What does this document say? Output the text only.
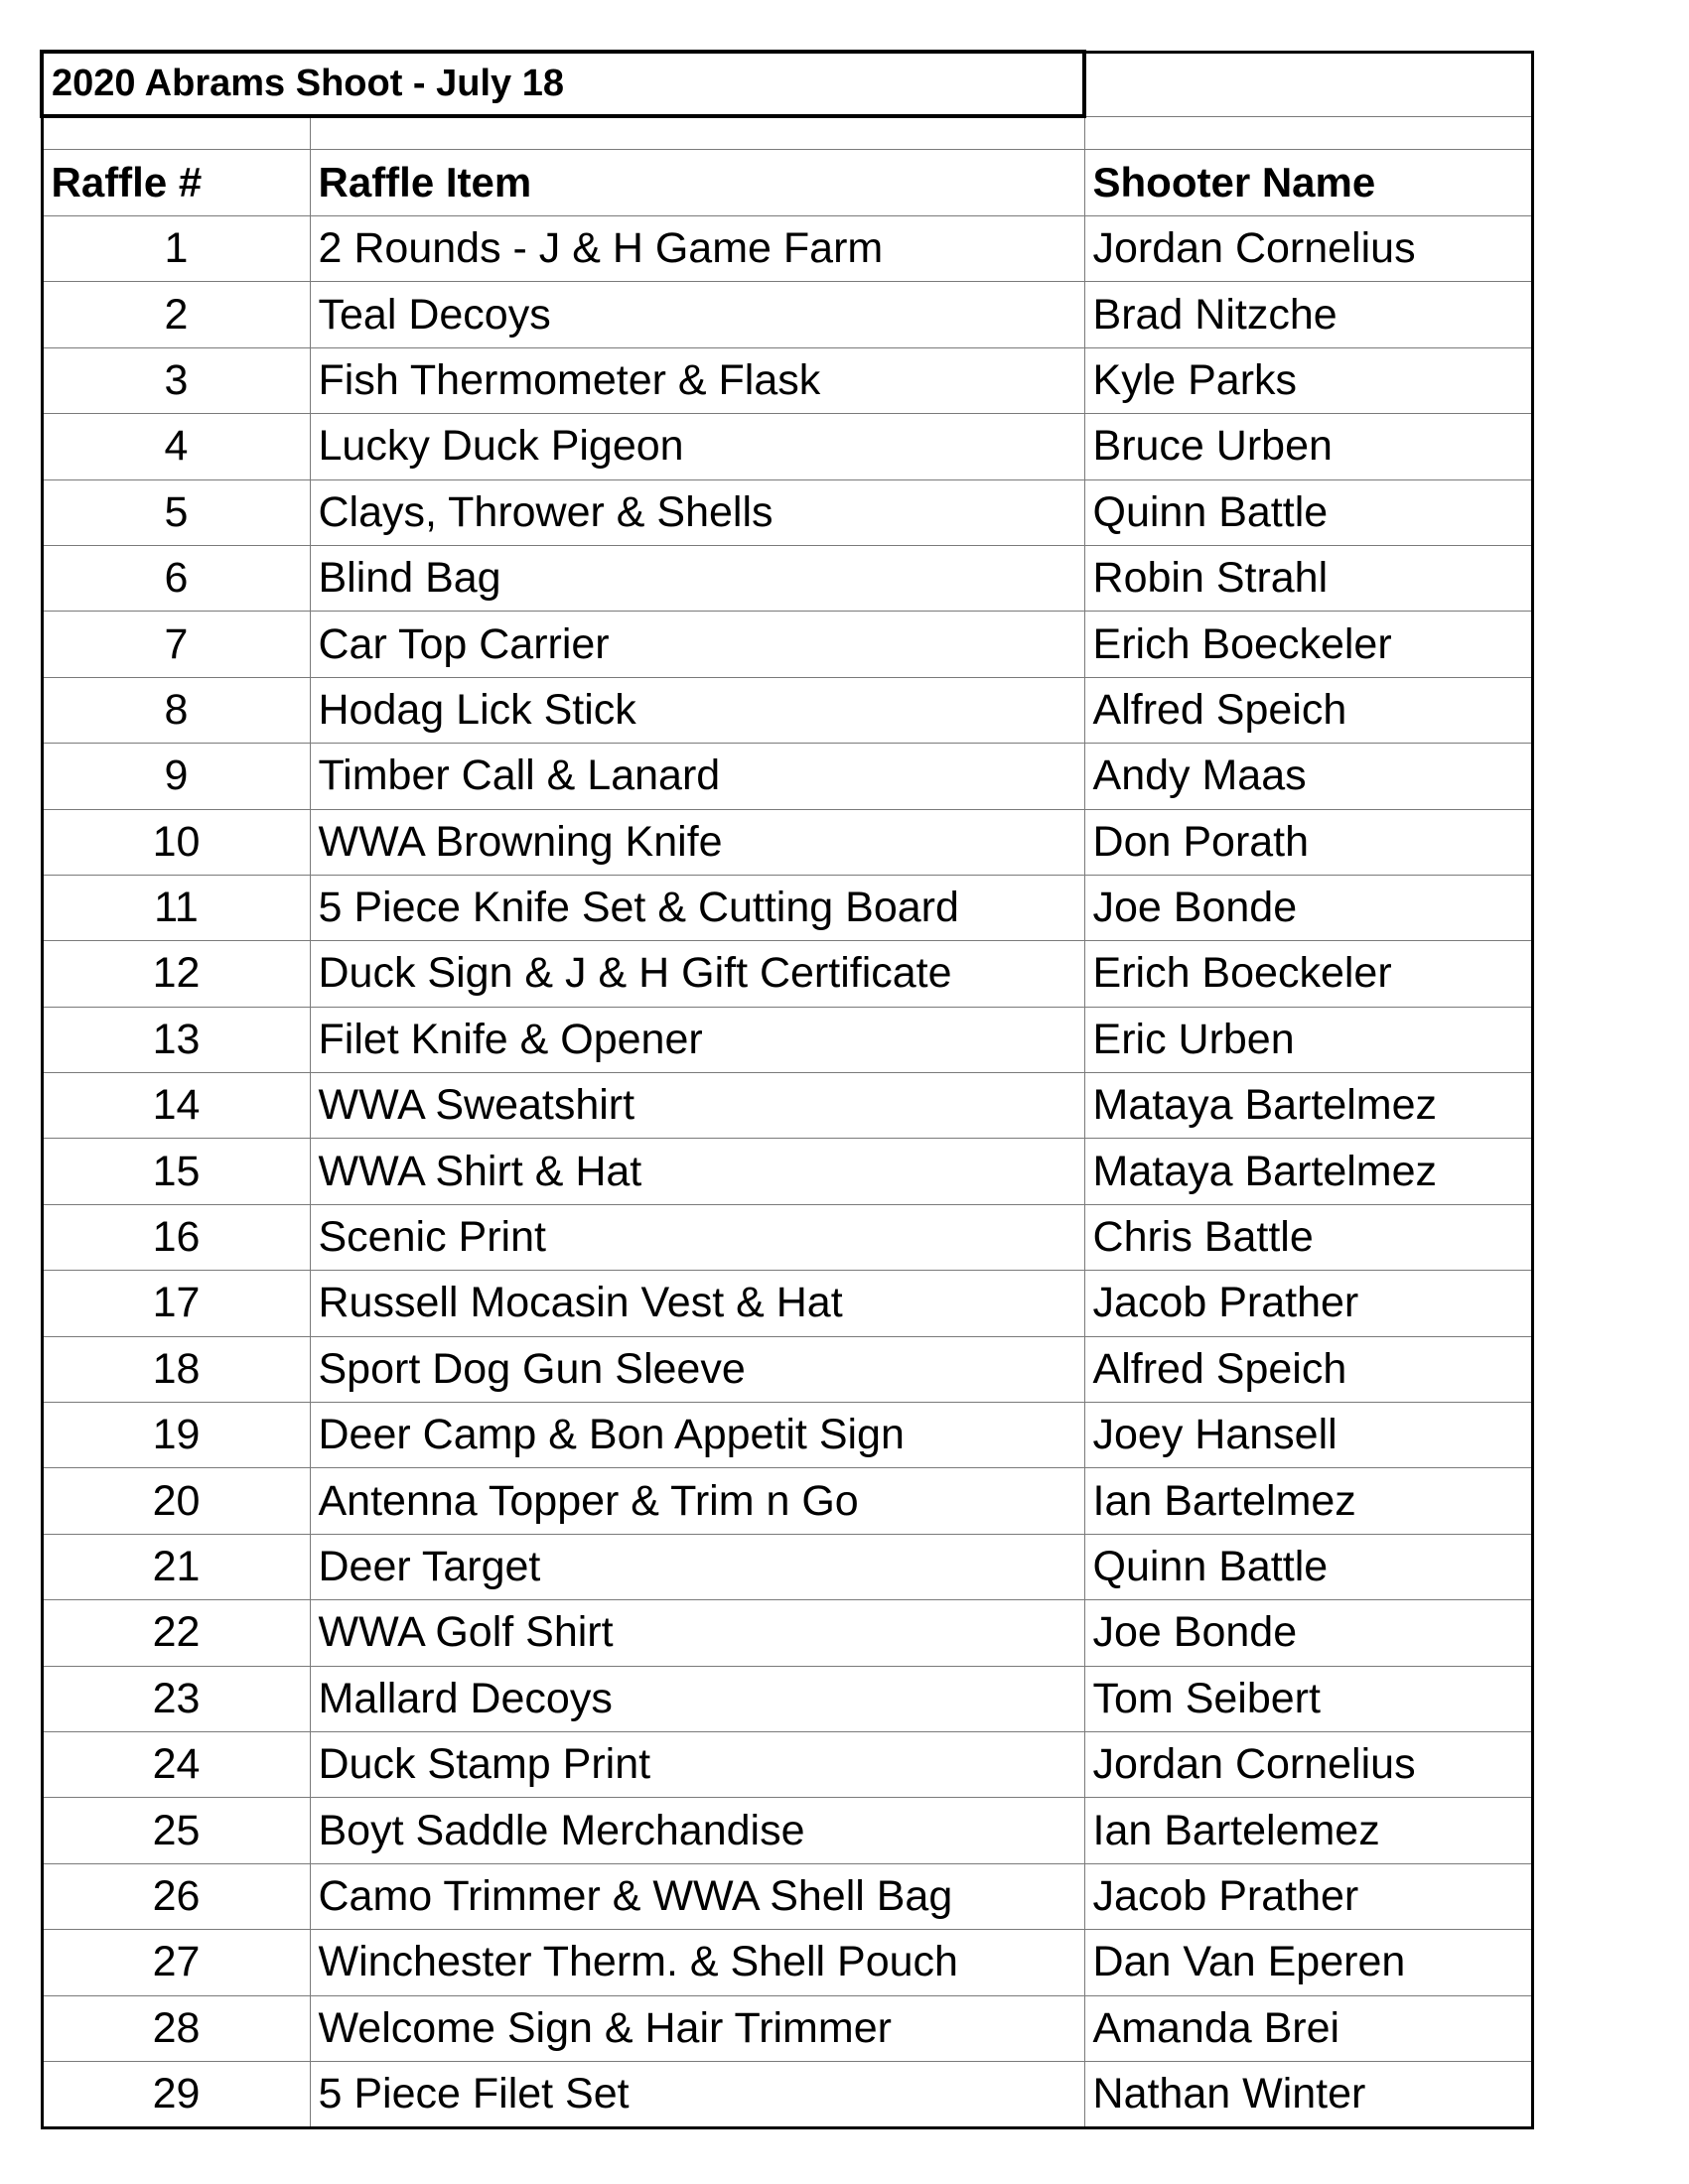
2020 Abrams Shoot - July 18		

Raffle #	Raffle Item	Shooter Name
1	2 Rounds - J & H Game Farm	Jordan Cornelius
2	Teal Decoys	Brad Nitzche
3	Fish Thermometer & Flask	Kyle Parks
4	Lucky Duck Pigeon	Bruce Urben
5	Clays, Thrower & Shells	Quinn Battle
6	Blind Bag	Robin Strahl
7	Car Top Carrier	Erich Boeckeler
8	Hodag Lick Stick	Alfred Speich
9	Timber Call & Lanard	Andy Maas
10	WWA Browning Knife	Don Porath
11	5 Piece Knife Set & Cutting Board	Joe Bonde
12	Duck Sign & J & H Gift Certificate	Erich Boeckeler
13	Filet Knife & Opener	Eric Urben
14	WWA Sweatshirt	Mataya Bartelmez
15	WWA Shirt & Hat	Mataya Bartelmez
16	Scenic Print	Chris Battle
17	Russell Mocasin Vest & Hat	Jacob Prather
18	Sport Dog Gun Sleeve	Alfred Speich
19	Deer Camp & Bon Appetit Sign	Joey Hansell
20	Antenna Topper & Trim n Go	Ian Bartelmez
21	Deer Target	Quinn Battle
22	WWA Golf Shirt	Joe Bonde
23	Mallard Decoys	Tom Seibert
24	Duck Stamp Print	Jordan Cornelius
25	Boyt Saddle Merchandise	Ian Bartelemez
26	Camo Trimmer & WWA Shell Bag	Jacob Prather
27	Winchester Therm. & Shell Pouch	Dan Van Eperen
28	Welcome Sign & Hair Trimmer	Amanda Brei
29	5 Piece Filet Set	Nathan Winter
